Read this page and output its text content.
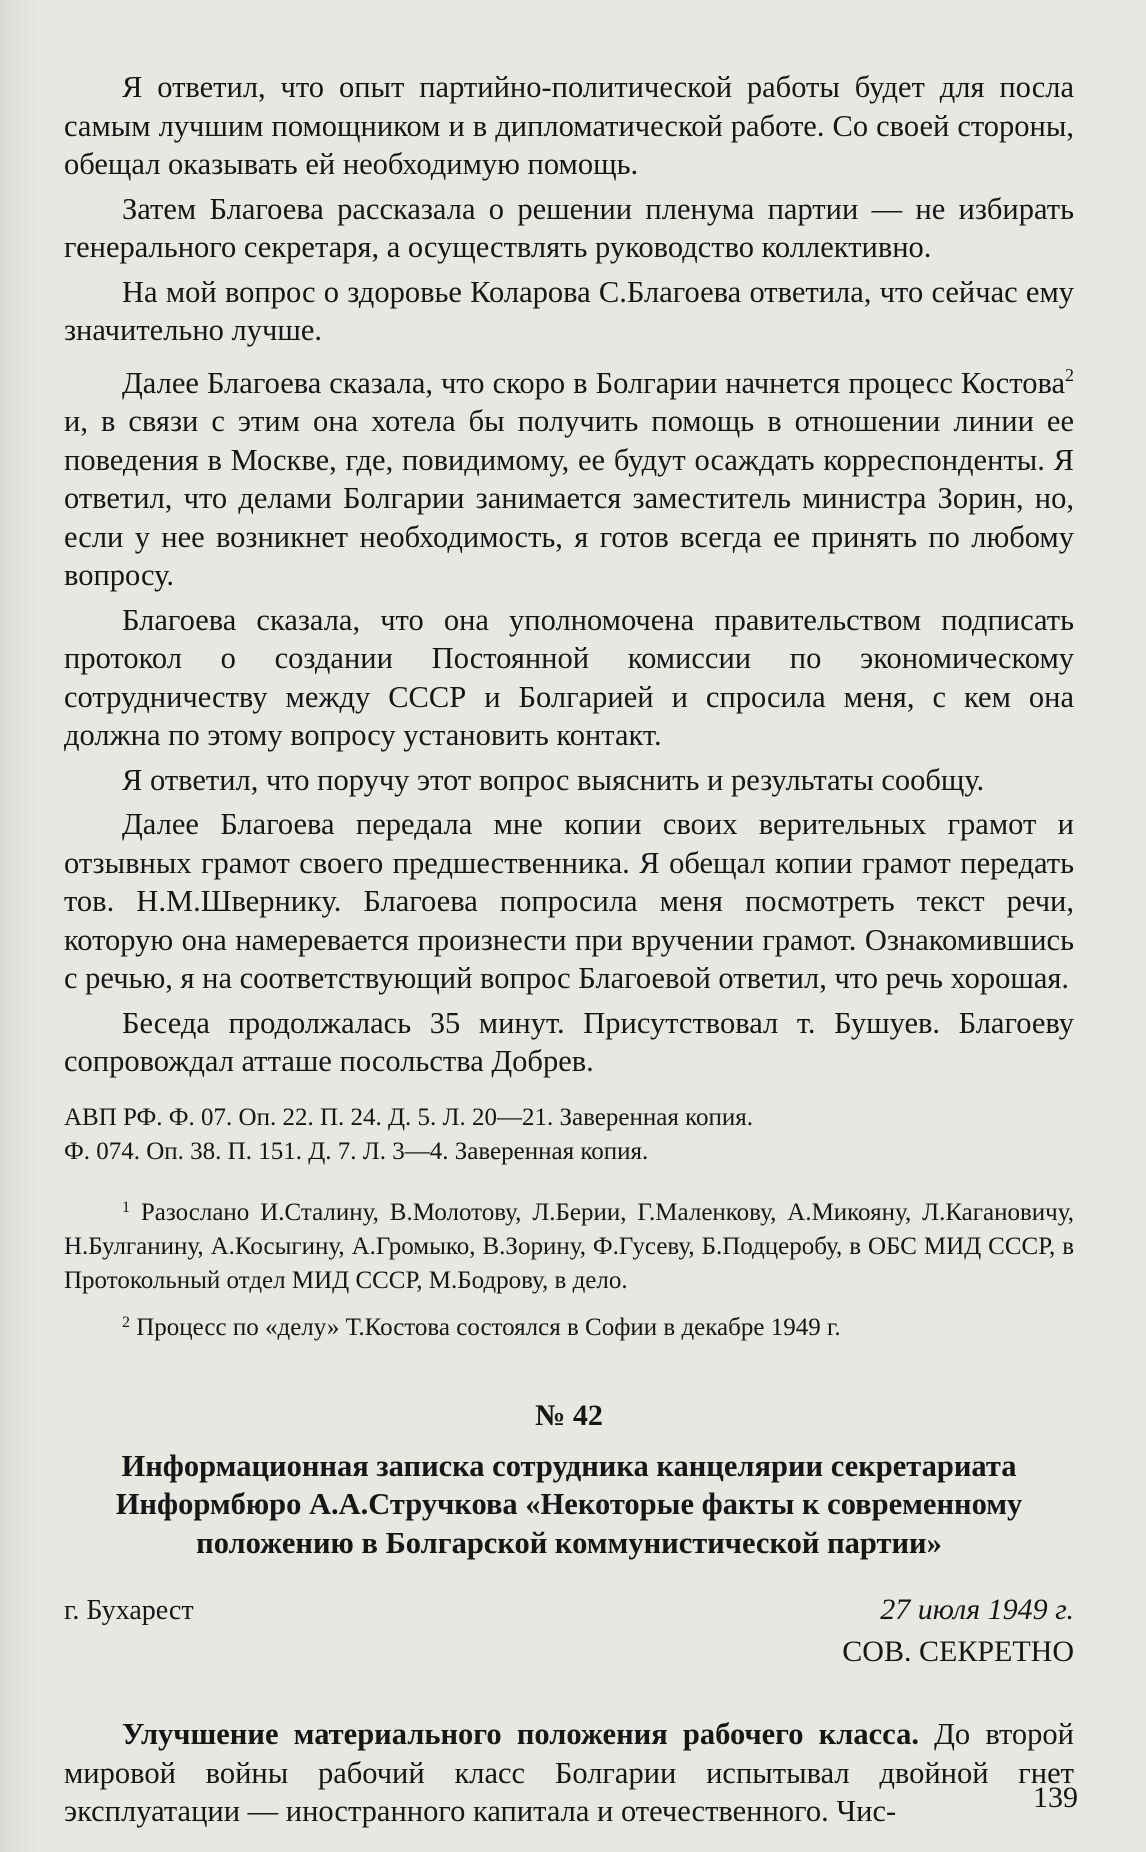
Я ответил, что опыт партийно-политической работы будет для посла самым лучшим помощником и в дипломатической работе. Со своей стороны, обещал оказывать ей необходимую помощь.

Затем Благоева рассказала о решении пленума партии — не избирать генерального секретаря, а осуществлять руководство коллективно.

На мой вопрос о здоровье Коларова С.Благоева ответила, что сейчас ему значительно лучше.

Далее Благоева сказала, что скоро в Болгарии начнется процесс Костова$^2$ и, в связи с этим она хотела бы получить помощь в отношении линии ее поведения в Москве, где, повидимому, ее будут осаждать корреспонденты. Я ответил, что делами Болгарии занимается заместитель министра Зорин, но, если у нее возникнет необходимость, я готов всегда ее принять по любому вопросу.

Благоева сказала, что она уполномочена правительством подписать протокол о создании Постоянной комиссии по экономическому сотрудничеству между СССР и Болгарией и спросила меня, с кем она должна по этому вопросу установить контакт.

Я ответил, что поручу этот вопрос выяснить и результаты сообщу.

Далее Благоева передала мне копии своих верительных грамот и отзывных грамот своего предшественника. Я обещал копии грамот передать тов. Н.М.Швернику. Благоева попросила меня посмотреть текст речи, которую она намеревается произнести при вручении грамот. Ознакомившись с речью, я на соответствующий вопрос Благоевой ответил, что речь хорошая.

Беседа продолжалась 35 минут. Присутствовал т. Бушуев. Благоеву сопровождал атташе посольства Добрев.

АВП РФ. Ф. 07. Оп. 22. П. 24. Д. 5. Л. 20—21. Заверенная копия.
Ф. 074. Оп. 38. П. 151. Д. 7. Л. 3—4. Заверенная копия.

$^1$ Разослано И.Сталину, В.Молотову, Л.Берии, Г.Маленкову, А.Микояну, Л.Кагановичу, Н.Булганину, А.Косыгину, А.Громыко, В.Зорину, Ф.Гусеву, Б.Подцеробу, в ОБС МИД СССР, в Протокольный отдел МИД СССР, М.Бодрову, в дело.

$^2$ Процесс по «делу» Т.Костова состоялся в Софии в декабре 1949 г.

№ 42
Информационная записка сотрудника канцелярии секретариата Информбюро А.А.Стручкова «Некоторые факты к современному положению в Болгарской коммунистической партии»
г. Бухарест	27 июля 1949 г.
СОВ. СЕКРЕТНО

Улучшение материального положения рабочего класса. До второй мировой войны рабочий класс Болгарии испытывал двойной гнет эксплуатации — иностранного капитала и отечественного. Чис-	139
